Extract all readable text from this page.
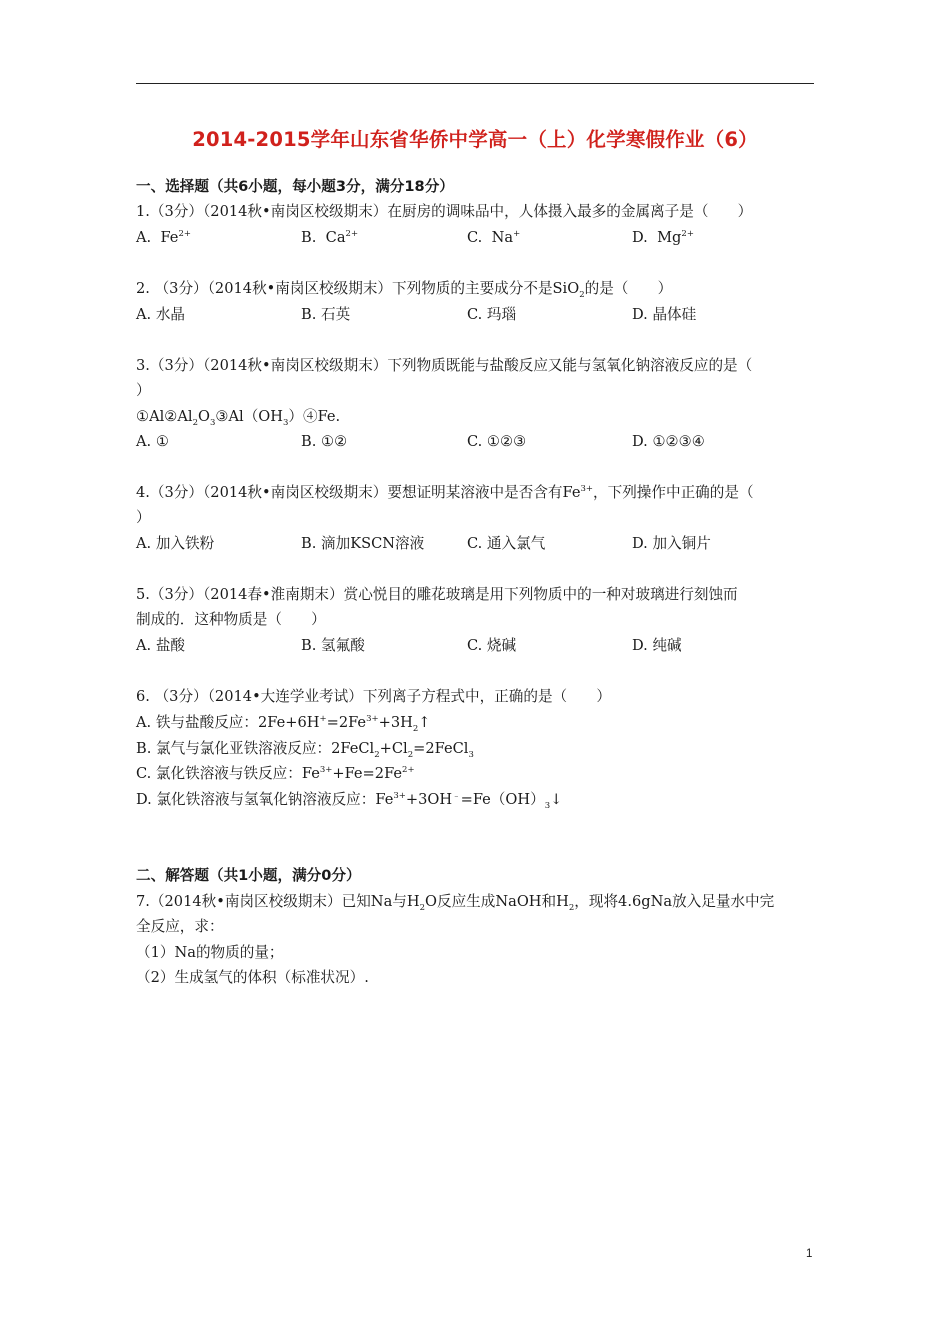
2014-2015学年山东省华侨中学高一（上）化学寒假作业（6）
一、选择题（共6小题，每小题3分，满分18分）
1.（3分）（2014秋•南岗区校级期末）在厨房的调味品中，人体摄入最多的金属离子是（　　）
A. $Fe^{2+}$	B. $Ca^{2+}$	C. Na+	D. $Mg^{2+}$
2. （3分）（2014秋•南岗区校级期末）下列物质的主要成分不是SiO$_2$的是（　　）
A. 水晶	B. 石英	C. 玛瑙	D. 晶体硅
3.（3分）（2014秋•南岗区校级期末）下列物质既能与盐酸反应又能与氢氧化钠溶液反应的是（
）
$①Al②Al_2O_3③Al(OH_3)④Fe$.
A. ①	B. ①②	C. ①②③	D. ①②③④
4.（3分）（2014秋•南岗区校级期末）要想证明某溶液中是否含有$Fe^{3+}$，下列操作中正确的是（
）
A. 加入铁粉	B. 滴加KSCN溶液	C. 通入氯气	D. 加入铜片
5.（3分）（2014春•淮南期末）赏心悦目的雕花玻璃是用下列物质中的一种对玻璃进行刻蚀而
制成的．这种物质是（　　）
A. 盐酸	B. 氢氟酸	C. 烧碱	D. 纯碱
6. （3分）（2014•大连学业考试）下列离子方程式中，正确的是（　　）
A. 铁与盐酸反应：$2Fe+6H^+=2Fe^{3+}+3H_2↑$
B. 氯气与氯化亚铁溶液反应：$2FeCl_2+Cl_2=2FeCl_3$
C. 氯化铁溶液与铁反应：$Fe^{3+}+Fe=2Fe^{2+}$
D. 氯化铁溶液与氢氧化钠溶液反应：$Fe^{3+}+3OH^﹣=Fe(OH)_3↓$
二、解答题（共1小题，满分0分）
7.（2014秋•南岗区校级期末）已知Na与$H_2O$反应生成NaOH和$H_2$，现将4.6gNa放入足量水中完
全反应，求：
（1）Na的物质的量；
（2）生成氢气的体积（标准状况）.
1
